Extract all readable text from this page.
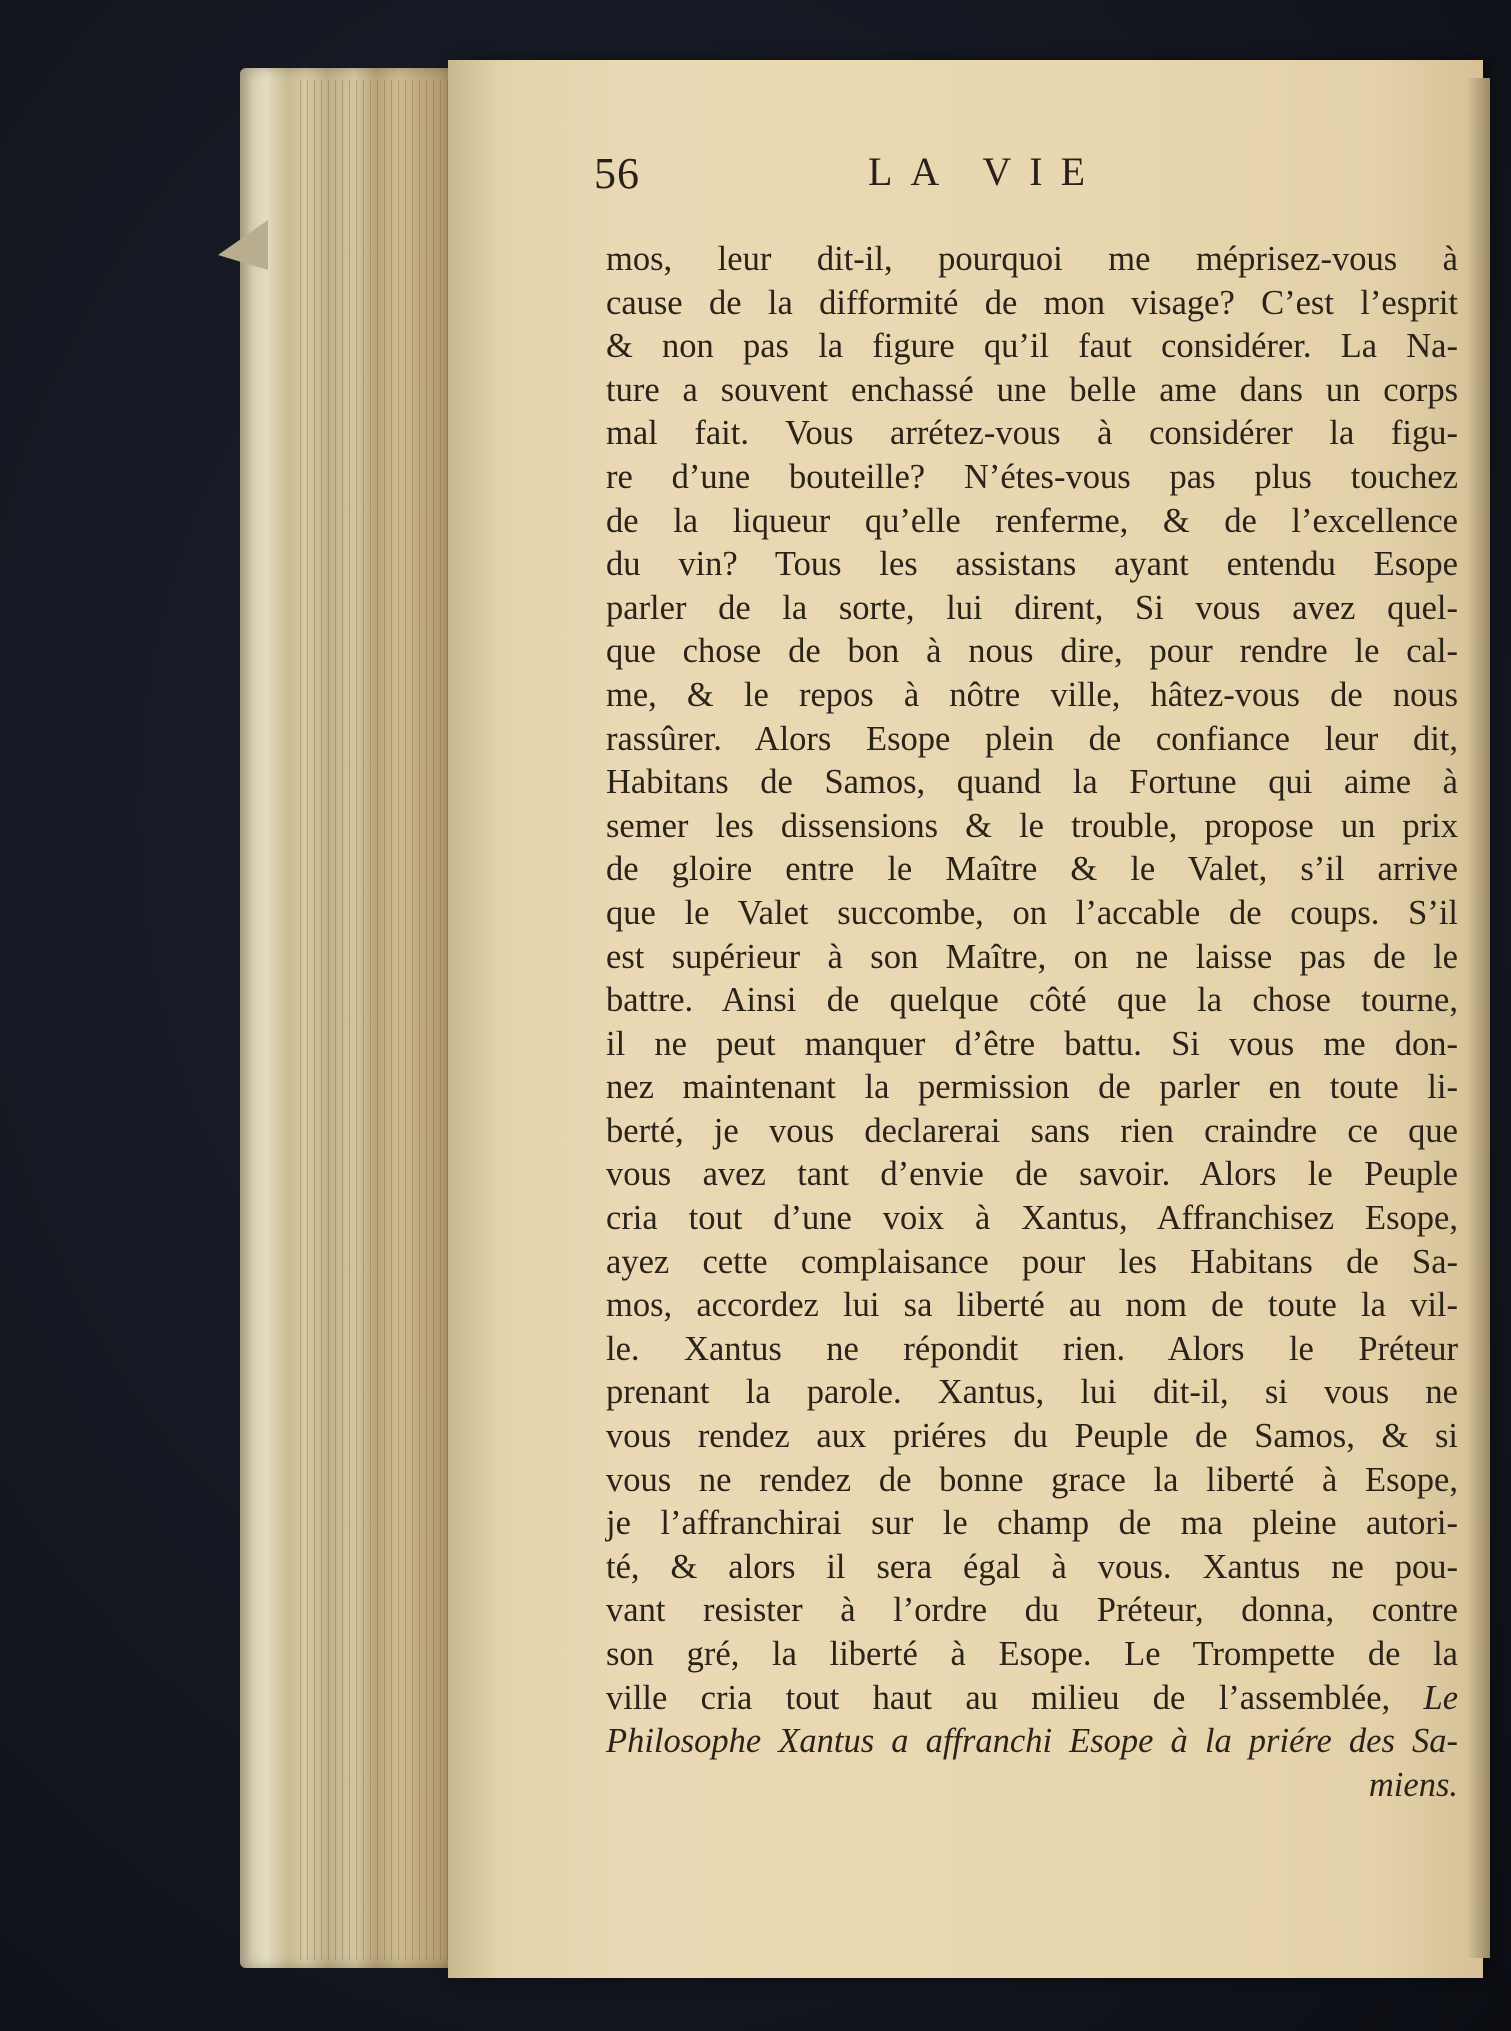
56	LA VIE
mos, leur dit-il, pourquoi me méprisez-vous à
cause de la difformité de mon visage? C’est l’esprit
& non pas la figure qu’il faut considérer. La Na-
ture a souvent enchassé une belle ame dans un corps
mal fait. Vous arrétez-vous à considérer la figu-
re d’une bouteille? N’étes-vous pas plus touchez
de la liqueur qu’elle renferme, & de l’excellence
du vin? Tous les assistans ayant entendu Esope
parler de la sorte, lui dirent, Si vous avez quel-
que chose de bon à nous dire, pour rendre le cal-
me, & le repos à nôtre ville, hâtez-vous de nous
rassûrer. Alors Esope plein de confiance leur dit,
Habitans de Samos, quand la Fortune qui aime à
semer les dissensions & le trouble, propose un prix
de gloire entre le Maître & le Valet, s’il arrive
que le Valet succombe, on l’accable de coups. S’il
est supérieur à son Maître, on ne laisse pas de le
battre. Ainsi de quelque côté que la chose tourne,
il ne peut manquer d’être battu. Si vous me don-
nez maintenant la permission de parler en toute li-
berté, je vous declarerai sans rien craindre ce que
vous avez tant d’envie de savoir. Alors le Peuple
cria tout d’une voix à Xantus, Affranchisez Esope,
ayez cette complaisance pour les Habitans de Sa-
mos, accordez lui sa liberté au nom de toute la vil-
le. Xantus ne répondit rien. Alors le Préteur
prenant la parole. Xantus, lui dit-il, si vous ne
vous rendez aux priéres du Peuple de Samos, & si
vous ne rendez de bonne grace la liberté à Esope,
je l’affranchirai sur le champ de ma pleine autori-
té, & alors il sera égal à vous. Xantus ne pou-
vant resister à l’ordre du Préteur, donna, contre
son gré, la liberté à Esope. Le Trompette de la
ville cria tout haut au milieu de l’assemblée, Le
Philosophe Xantus a affranchi Esope à la priére des Sa-
miens.
